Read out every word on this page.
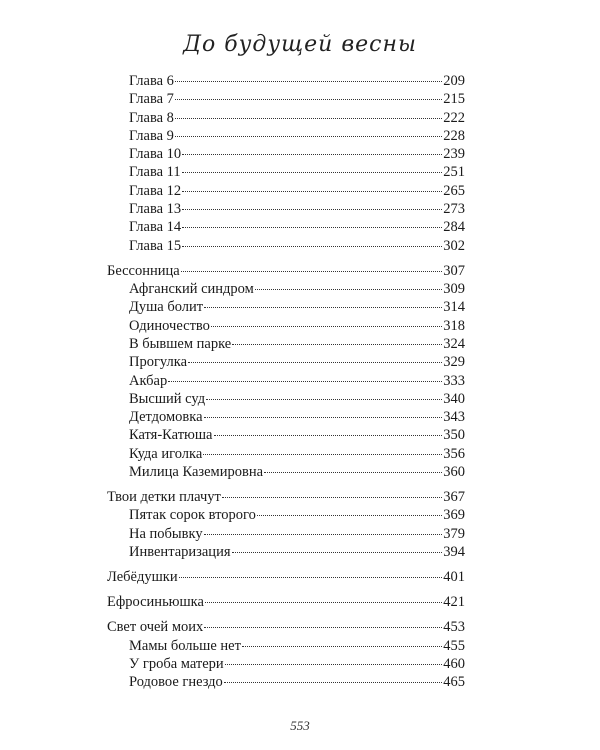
До будущей весны
Глава 6	209
Глава 7	215
Глава 8	222
Глава 9	228
Глава 10	239
Глава 11	251
Глава 12	265
Глава 13	273
Глава 14	284
Глава 15	302
Бессонница	307
Афганский синдром	309
Душа болит	314
Одиночество	318
В бывшем парке	324
Прогулка	329
Акбар	333
Высший суд	340
Детдомовка	343
Катя-Катюша	350
Куда иголка	356
Милица Каземировна	360
Твои детки плачут	367
Пятак сорок второго	369
На побывку	379
Инвентаризация	394
Лебёдушки	401
Ефросиньюшка	421
Свет очей моих	453
Мамы больше нет	455
У гроба матери	460
Родовое гнездо	465
553
